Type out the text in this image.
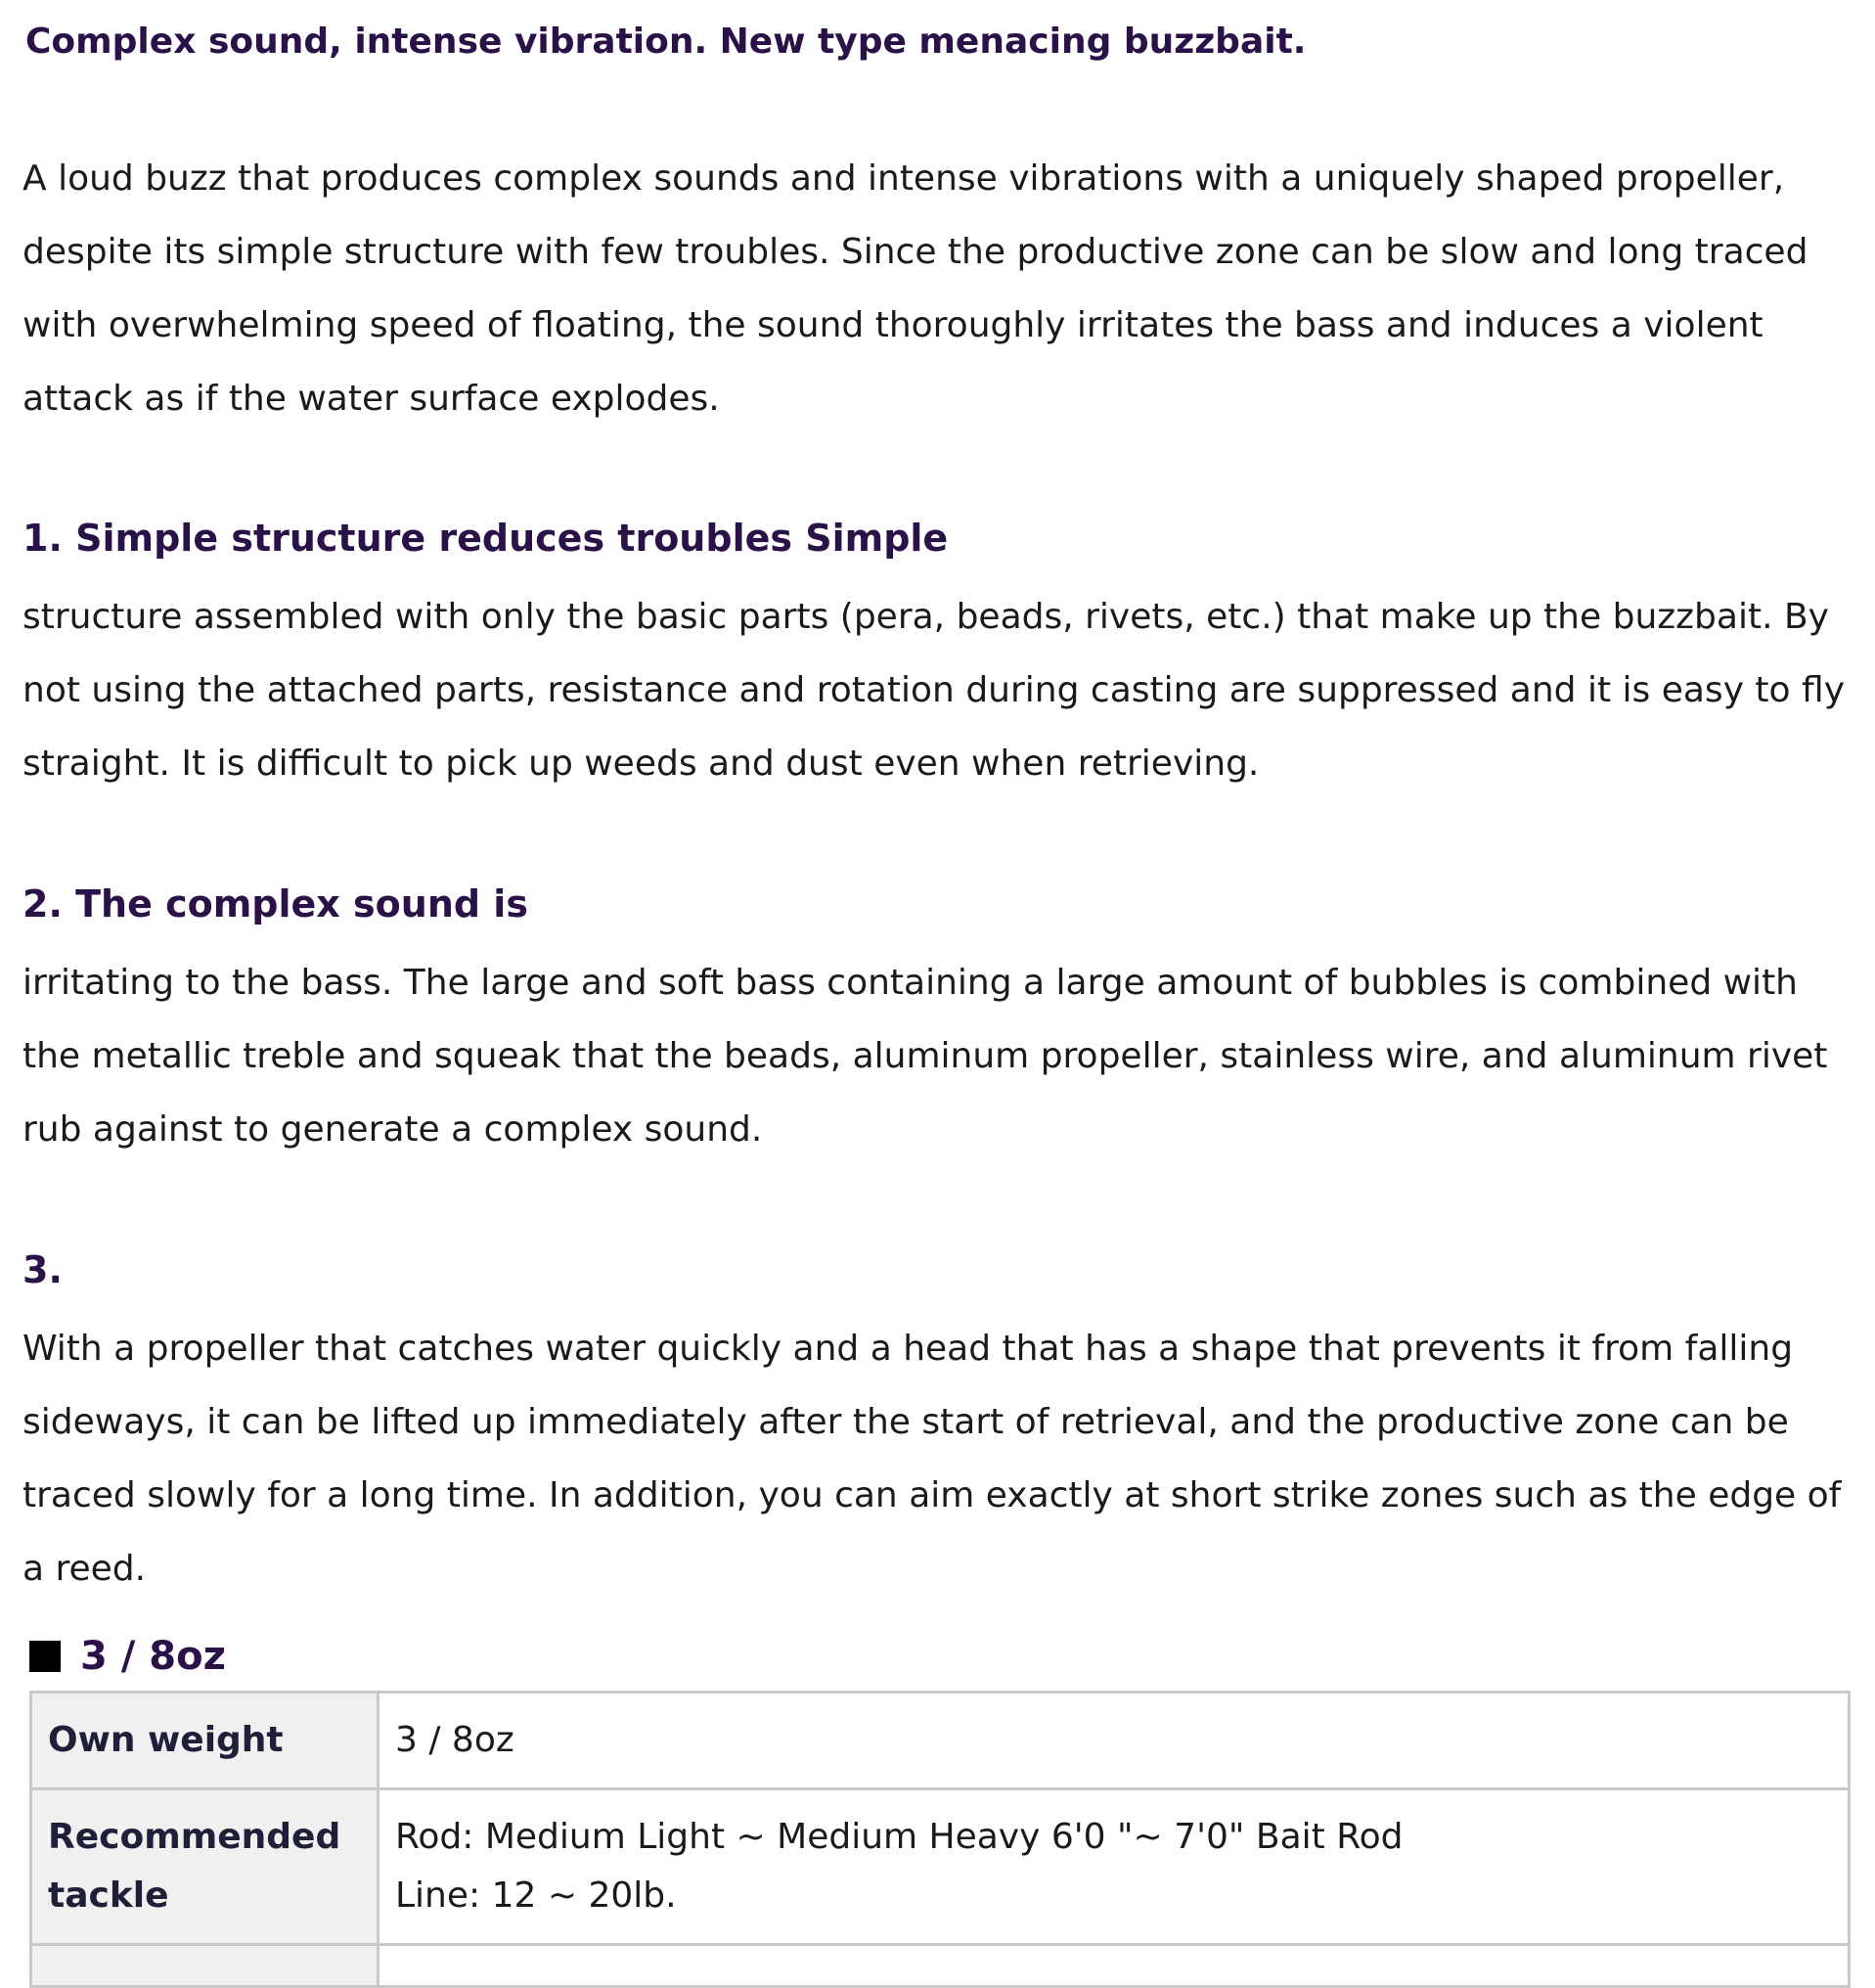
Complex sound, intense vibration. New type menacing buzzbait.

A loud buzz that produces complex sounds and intense vibrations with a uniquely shaped propeller, despite its simple structure with few troubles. Since the productive zone can be slow and long traced with overwhelming speed of floating, the sound thoroughly irritates the bass and induces a violent attack as if the water surface explodes.

1. Simple structure reduces troubles Simple

structure assembled with only the basic parts (pera, beads, rivets, etc.) that make up the buzzbait. By not using the attached parts, resistance and rotation during casting are suppressed and it is easy to fly straight. It is difficult to pick up weeds and dust even when retrieving.

2. The complex sound is

irritating to the bass. The large and soft bass containing a large amount of bubbles is combined with the metallic treble and squeak that the beads, aluminum propeller, stainless wire, and aluminum rivet rub against to generate a complex sound.

3.

With a propeller that catches water quickly and a head that has a shape that prevents it from falling sideways, it can be lifted up immediately after the start of retrieval, and the productive zone can be traced slowly for a long time. In addition, you can aim exactly at short strike zones such as the edge of a reed.

3 / 8oz
Own weight	3 / 8oz

Recommended
tackle	Rod: Medium Light ~ Medium Heavy 6'0 "~ 7'0" Bait Rod
Line: 12 ~ 20lb.
